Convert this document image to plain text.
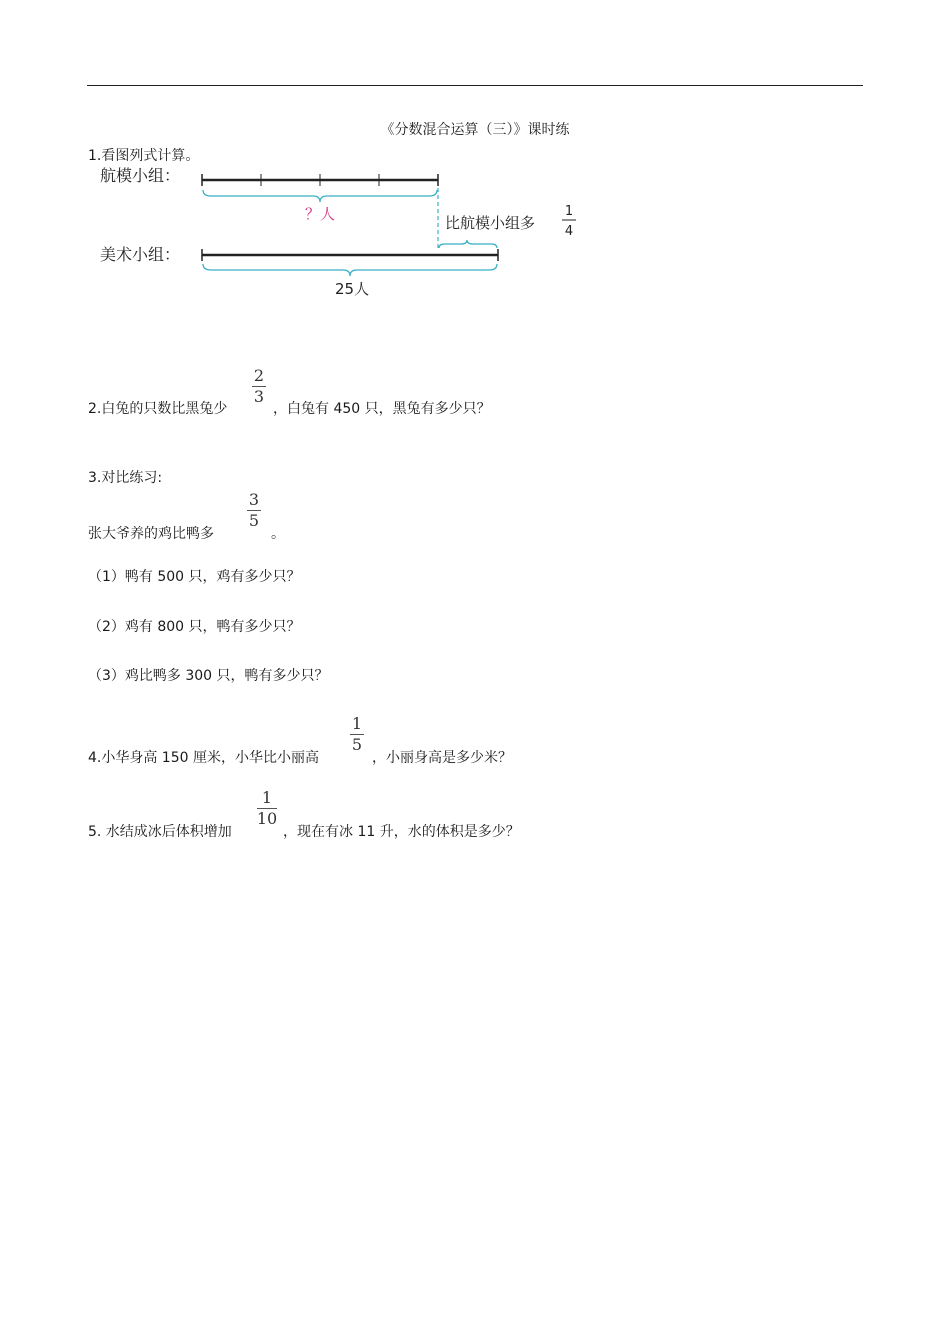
《分数混合运算（三）》课时练
1.看图列式计算。
航模小组：
？人	比航模小组多
1
4
美术小组：
25人
2.白兔的只数比黑兔少
2
3
，白兔有 450 只，黑兔有多少只？
3.对比练习:
张大爷养的鸡比鸭多
3
5
。
（1）鸭有 500 只，鸡有多少只？
（2）鸡有 800 只，鸭有多少只？
（3）鸡比鸭多 300 只，鸭有多少只？
4.小华身高 150 厘米，小华比小丽高
1
5
，小丽身高是多少米？
5. 水结成冰后体积增加
1
10
，现在有冰 11 升，水的体积是多少？
